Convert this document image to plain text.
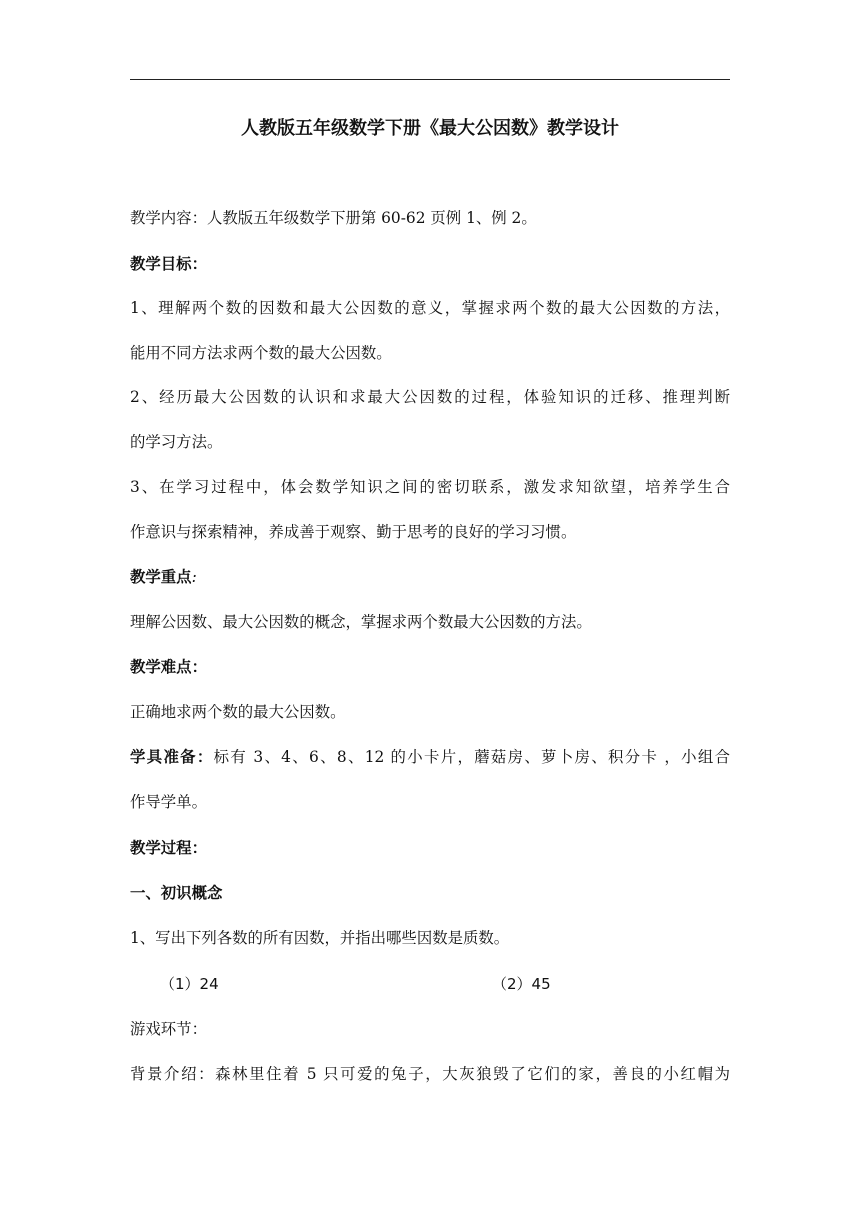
人教版五年级数学下册《最大公因数》教学设计

教学内容：人教版五年级数学下册第 60-62 页例 1、例 2。

教学目标：

1、理解两个数的因数和最大公因数的意义，掌握求两个数的最大公因数的方法，

能用不同方法求两个数的最大公因数。

2、经历最大公因数的认识和求最大公因数的过程，体验知识的迁移、推理判断

的学习方法。

3、在学习过程中，体会数学知识之间的密切联系，激发求知欲望，培养学生合

作意识与探索精神，养成善于观察、勤于思考的良好的学习习惯。

教学重点:

理解公因数、最大公因数的概念，掌握求两个数最大公因数的方法。

教学难点：

正确地求两个数的最大公因数。

学具准备：标有 3、4、6、8、12 的小卡片，蘑菇房、萝卜房、积分卡 ，小组合

作导学单。

教学过程：

一、初识概念

1、写出下列各数的所有因数，并指出哪些因数是质数。

（1）24	（2）45

游戏环节：

背景介绍：森林里住着 5 只可爱的兔子，大灰狼毁了它们的家，善良的小红帽为
